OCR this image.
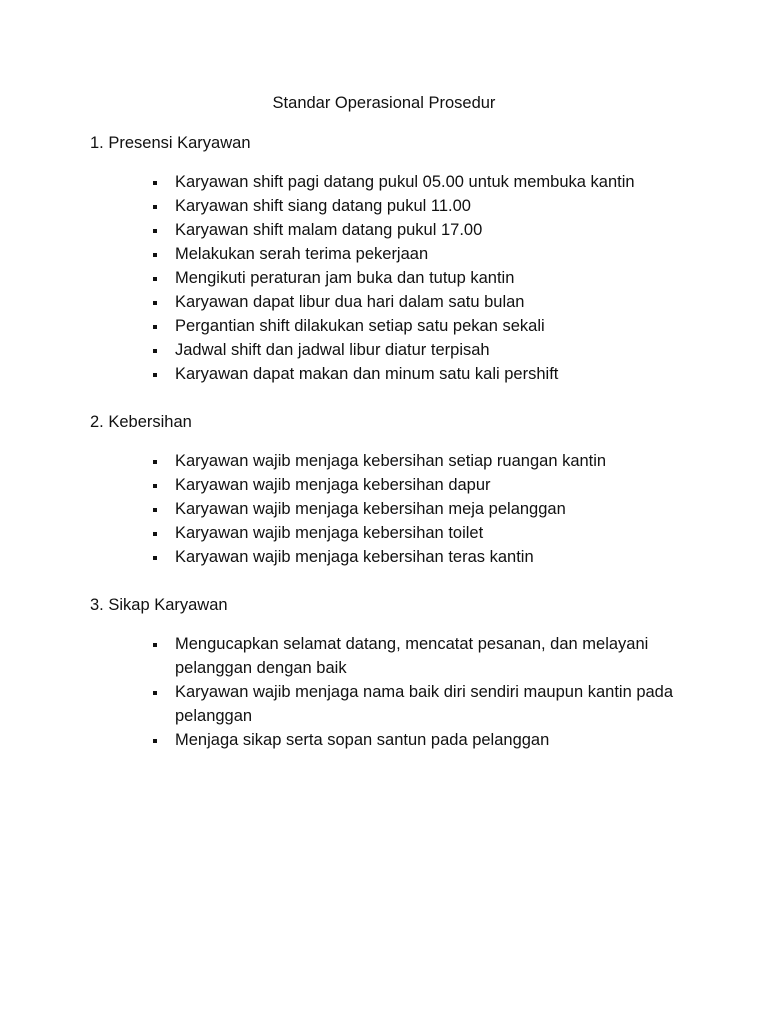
Standar Operasional Prosedur
1. Presensi Karyawan
Karyawan shift pagi datang pukul 05.00 untuk membuka kantin
Karyawan shift siang datang pukul 11.00
Karyawan shift malam datang pukul 17.00
Melakukan serah terima pekerjaan
Mengikuti peraturan jam buka dan tutup kantin
Karyawan dapat libur dua hari dalam satu bulan
Pergantian shift dilakukan setiap satu pekan sekali
Jadwal shift dan jadwal libur diatur terpisah
Karyawan dapat makan dan minum satu kali pershift
2. Kebersihan
Karyawan wajib menjaga kebersihan setiap ruangan kantin
Karyawan wajib menjaga kebersihan dapur
Karyawan wajib menjaga kebersihan meja pelanggan
Karyawan wajib menjaga kebersihan toilet
Karyawan wajib menjaga kebersihan teras kantin
3. Sikap Karyawan
Mengucapkan selamat datang, mencatat pesanan, dan melayani pelanggan dengan baik
Karyawan wajib menjaga nama baik diri sendiri maupun kantin pada pelanggan
Menjaga sikap serta sopan santun pada pelanggan
